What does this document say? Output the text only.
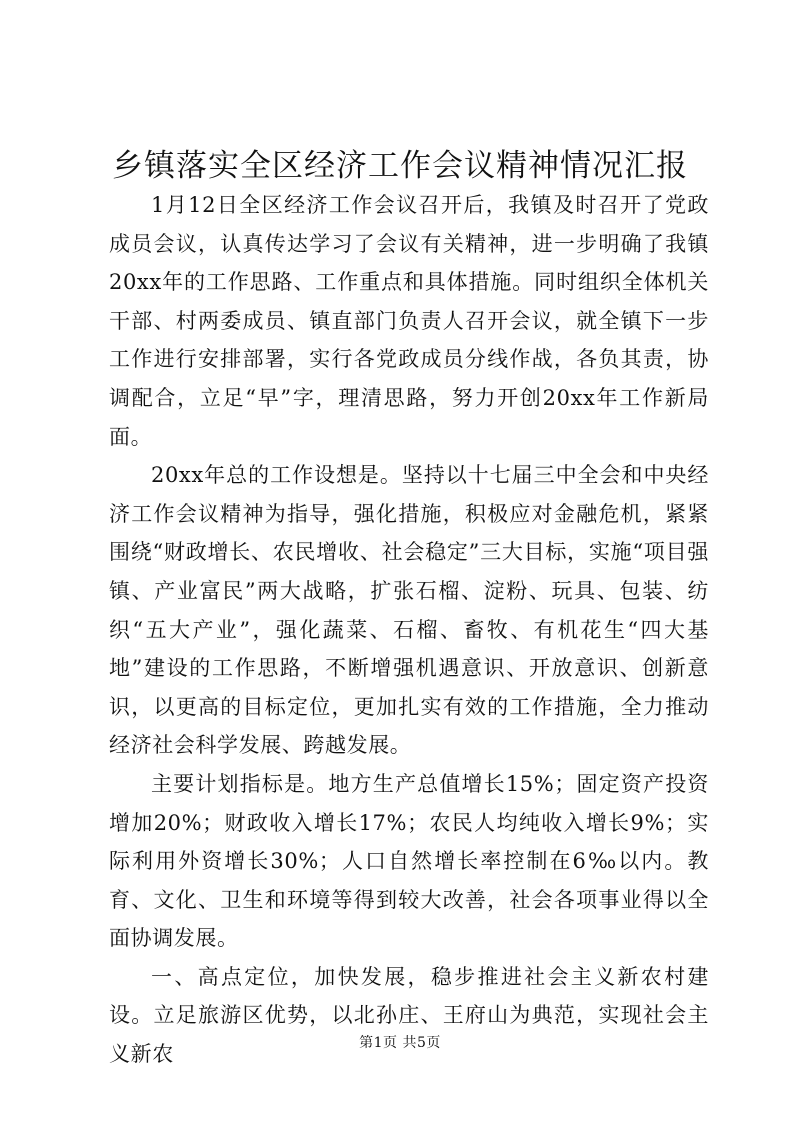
乡镇落实全区经济工作会议精神情况汇报

1月12日全区经济工作会议召开后，我镇及时召开了党政成员会议，认真传达学习了会议有关精神，进一步明确了我镇20xx年的工作思路、工作重点和具体措施。同时组织全体机关干部、村两委成员、镇直部门负责人召开会议，就全镇下一步工作进行安排部署，实行各党政成员分线作战，各负其责，协调配合，立足“早”字，理清思路，努力开创20xx年工作新局面。

20xx年总的工作设想是。坚持以十七届三中全会和中央经济工作会议精神为指导，强化措施，积极应对金融危机，紧紧围绕“财政增长、农民增收、社会稳定”三大目标，实施“项目强镇、产业富民”两大战略，扩张石榴、淀粉、玩具、包装、纺织“五大产业”，强化蔬菜、石榴、畜牧、有机花生“四大基地”建设的工作思路，不断增强机遇意识、开放意识、创新意识，以更高的目标定位，更加扎实有效的工作措施，全力推动经济社会科学发展、跨越发展。

主要计划指标是。地方生产总值增长15%；固定资产投资增加20%；财政收入增长17%；农民人均纯收入增长9%；实际利用外资增长30%；人口自然增长率控制在6‰以内。教育、文化、卫生和环境等得到较大改善，社会各项事业得以全面协调发展。

一、高点定位，加快发展，稳步推进社会主义新农村建设。立足旅游区优势，以北孙庄、王府山为典范，实现社会主义新农	第1页 共5页
